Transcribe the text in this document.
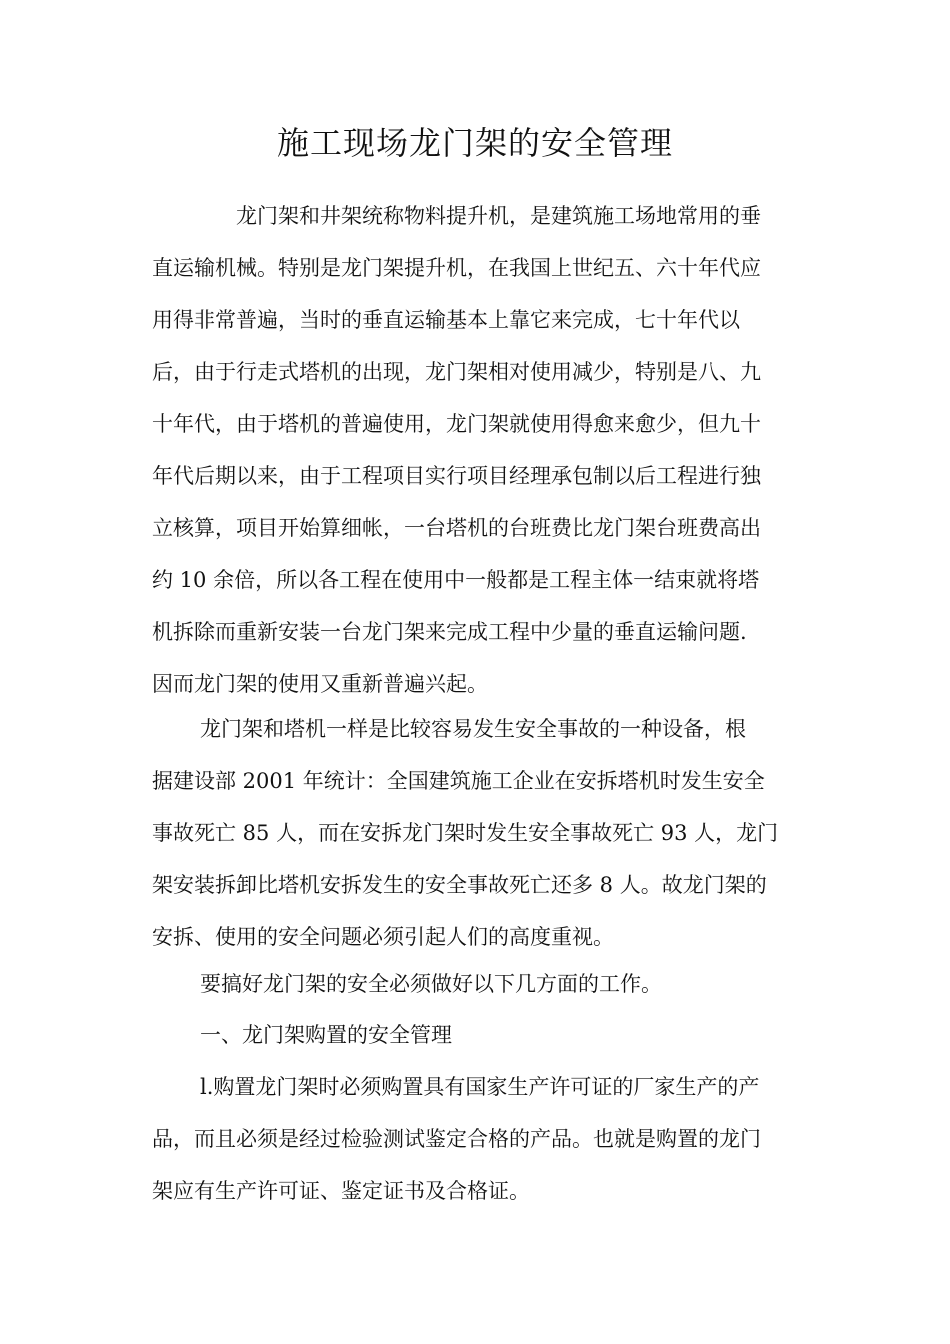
施工现场龙门架的安全管理
龙门架和井架统称物料提升机，是建筑施工场地常用的垂
直运输机械。特别是龙门架提升机，在我国上世纪五、六十年代应
用得非常普遍，当时的垂直运输基本上靠它来完成，七十年代以
后，由于行走式塔机的出现，龙门架相对使用减少，特别是八、九
十年代，由于塔机的普遍使用，龙门架就使用得愈来愈少，但九十
年代后期以来，由于工程项目实行项目经理承包制以后工程进行独
立核算，项目开始算细帐，一台塔机的台班费比龙门架台班费高出
约 10 余倍，所以各工程在使用中一般都是工程主体一结束就将塔
机拆除而重新安装一台龙门架来完成工程中少量的垂直运输问题.
因而龙门架的使用又重新普遍兴起。
龙门架和塔机一样是比较容易发生安全事故的一种设备，根
据建设部 2001 年统计：全国建筑施工企业在安拆塔机时发生安全
事故死亡 85 人，而在安拆龙门架时发生安全事故死亡 93 人，龙门
架安装拆卸比塔机安拆发生的安全事故死亡还多 8 人。故龙门架的
安拆、使用的安全问题必须引起人们的高度重视。
要搞好龙门架的安全必须做好以下几方面的工作。
一、龙门架购置的安全管理
l.购置龙门架时必须购置具有国家生产许可证的厂家生产的产
品，而且必须是经过检验测试鉴定合格的产品。也就是购置的龙门
架应有生产许可证、鉴定证书及合格证。
